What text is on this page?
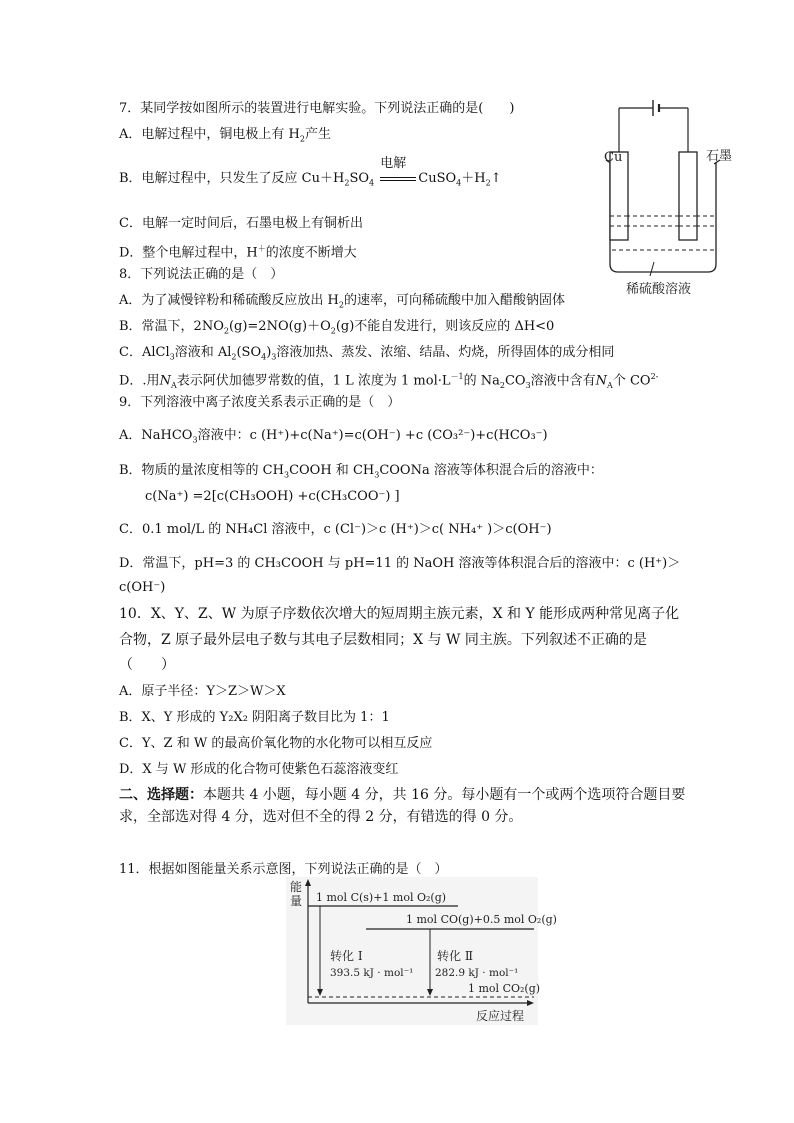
7．某同学按如图所示的装置进行电解实验。下列说法正确的是(　　)
A．电解过程中，铜电极上有 $H_2$产生
B．电解过程中，只发生了反应 $Cu+H_2SO_4$
电解
$CuSO_4+H_2↑$
C．电解一定时间后，石墨电极上有铜析出
D．整个电解过程中，H＋的浓度不断增大
Cu	石墨
稀硫酸溶液
8．下列说法正确的是（　）
A．为了减慢锌粉和稀硫酸反应放出 $H_2$的速率，可向稀硫酸中加入醋酸钠固体
B．常温下，$2NO_2(g)=2NO(g)+O_2(g)$不能自发进行，则该反应的 ΔH<0
C．AlCl$_3$溶液和 $Al_2(SO_4)_3$溶液加热、蒸发、浓缩、结晶、灼烧，所得固体的成分相同
D．.用$N_A$表示阿伏加德罗常数的值，1 L 浓度为 1 $mol\cdot L^{-1}$的 $Na_2CO_3$溶液中含有$N_A$个 $CO^{2-}$
9．下列溶液中离子浓度关系表示正确的是（　）
A．NaHCO$_3$溶液中：c (H⁺)+c(Na⁺)=c(OH⁻) +c (CO₃²⁻)+c(HCO₃⁻)
B．物质的量浓度相等的 $CH_3COOH$ 和 $CH_3COONa$ 溶液等体积混合后的溶液中：
c(Na⁺) =2[c(CH₃OOH) +c(CH₃COO⁻) ]
C．0.1 mol/L 的 NH₄Cl 溶液中，c (Cl⁻)＞c (H⁺)＞c( NH₄⁺ )＞c(OH⁻)
D．常温下，pH=3 的 CH₃COOH 与 pH=11 的 NaOH 溶液等体积混合后的溶液中：c (H⁺)＞
c(OH⁻)
10．X、Y、Z、W 为原子序数依次增大的短周期主族元素，X 和 Y 能形成两种常见离子化
合物，Z 原子最外层电子数与其电子层数相同；X 与 W 同主族。下列叙述不正确的是
（　　）
A．原子半径：Y＞Z＞W＞X
B．X、Y 形成的 Y₂X₂ 阴阳离子数目比为 1：1
C．Y、Z 和 W 的最高价氧化物的水化物可以相互反应
D．X 与 W 形成的化合物可使紫色石蕊溶液变红
二、选择题：本题共 4 小题，每小题 4 分，共 16 分。每小题有一个或两个选项符合题目要
求，全部选对得 4 分，选对但不全的得 2 分，有错选的得 0 分。
11．根据如图能量关系示意图，下列说法正确的是（　）
能
量 1 mol C(s)+1 mol O₂(g)
1 mol CO(g)+0.5 mol O₂(g)
1 mol CO₂(g)
转化 Ⅰ
393.5 kJ · mol⁻¹
转化 Ⅱ
282.9 kJ · mol⁻¹
反应过程
